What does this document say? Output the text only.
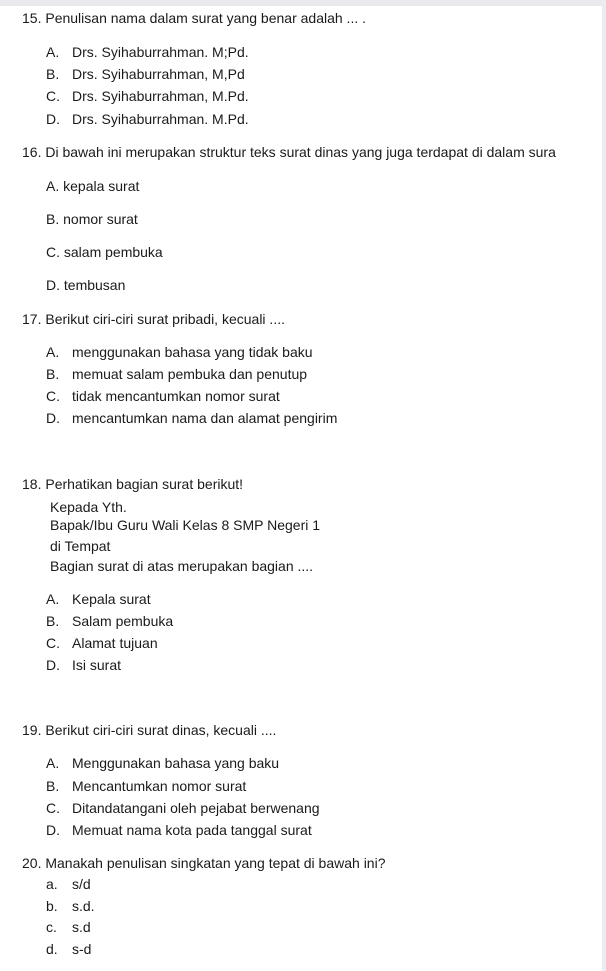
15. Penulisan nama dalam surat yang benar adalah ... .
A. Drs. Syihaburrahman. M;Pd.
B. Drs. Syihaburrahman, M,Pd
C. Drs. Syihaburrahman, M.Pd.
D. Drs. Syihaburrahman. M.Pd.
16. Di bawah ini merupakan struktur teks surat dinas yang juga terdapat di dalam sura
A. kepala surat
B. nomor surat
C. salam pembuka
D. tembusan
17. Berikut ciri-ciri surat pribadi, kecuali ....
A. menggunakan bahasa yang tidak baku
B. memuat salam pembuka dan penutup
C. tidak mencantumkan nomor surat
D. mencantumkan nama dan alamat pengirim
18. Perhatikan bagian surat berikut!
Kepada Yth.
Bapak/Ibu Guru Wali Kelas 8 SMP Negeri 1
di Tempat
Bagian surat di atas merupakan bagian ....
A. Kepala surat
B. Salam pembuka
C. Alamat tujuan
D. Isi surat
19. Berikut ciri-ciri surat dinas, kecuali ....
A. Menggunakan bahasa yang baku
B. Mencantumkan nomor surat
C. Ditandatangani oleh pejabat berwenang
D. Memuat nama kota pada tanggal surat
20. Manakah penulisan singkatan yang tepat di bawah ini?
a. s/d
b. s.d.
c. s.d
d. s-d
